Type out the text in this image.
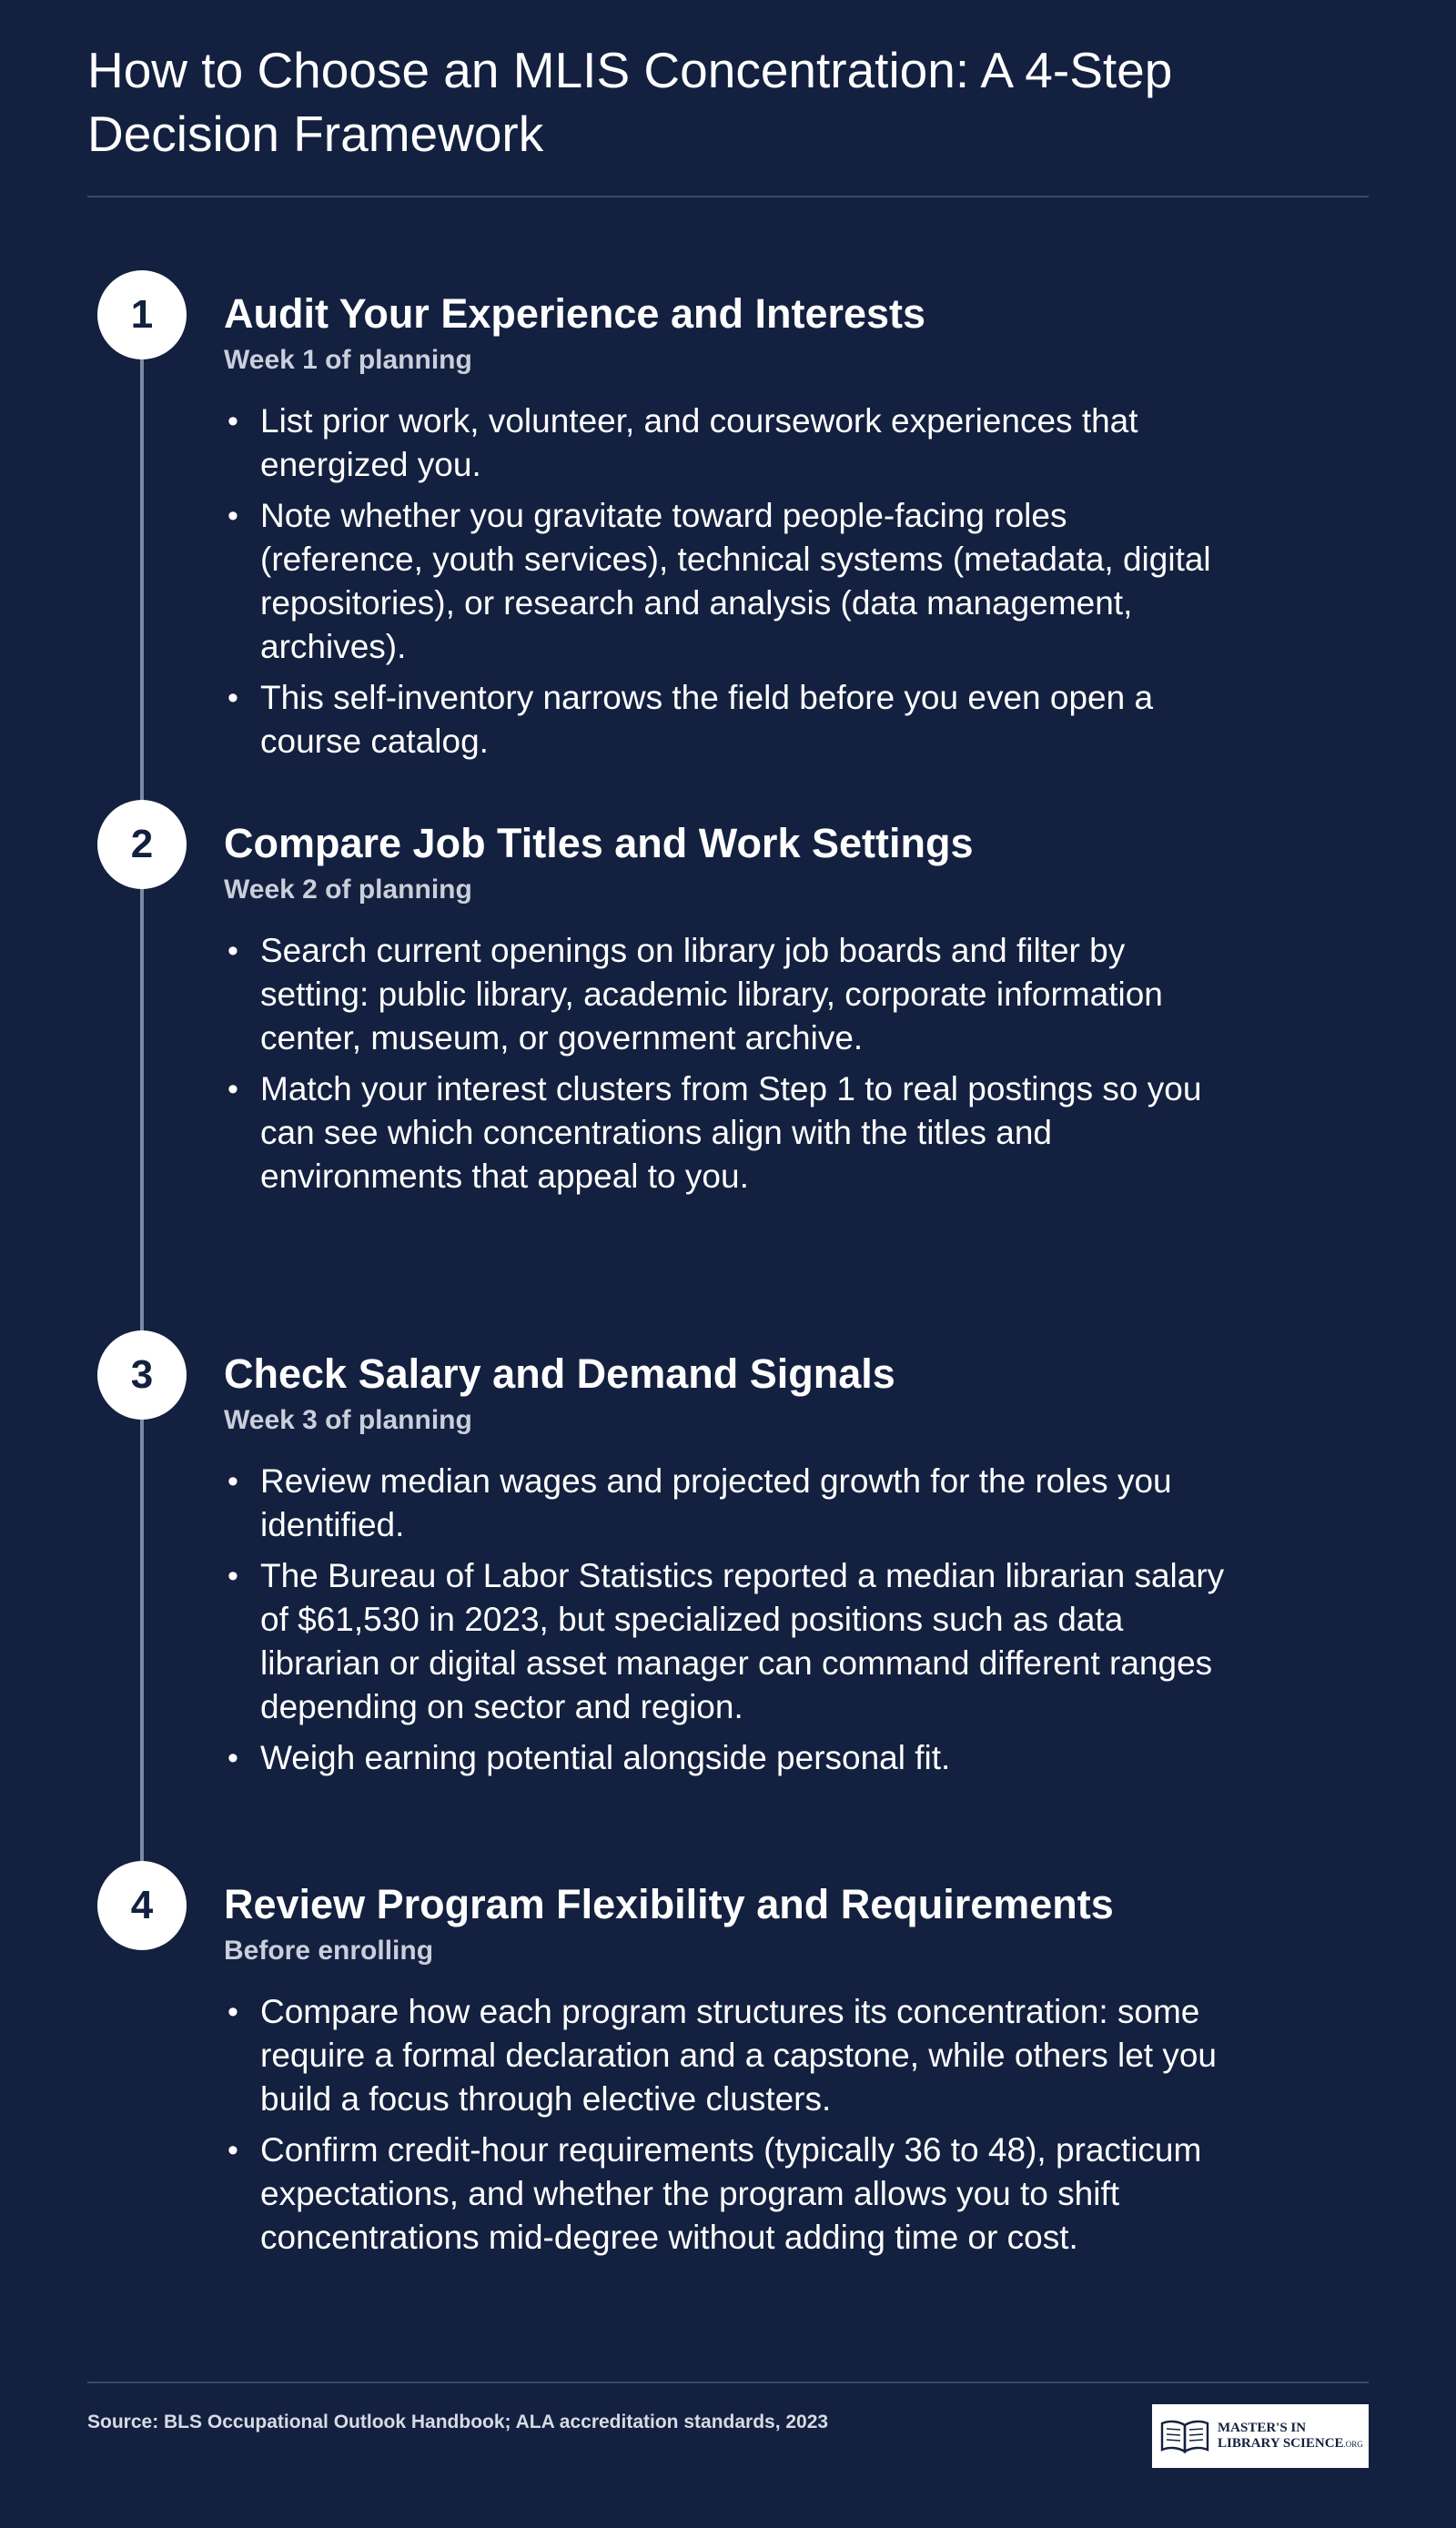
How to Choose an MLIS Concentration: A 4-Step Decision Framework
1	Audit Your Experience and Interests
Week 1 of planning
• List prior work, volunteer, and coursework experiences that energized you.
• Note whether you gravitate toward people-facing roles (reference, youth services), technical systems (metadata, digital repositories), or research and analysis (data management, archives).
• This self-inventory narrows the field before you even open a course catalog.
2	Compare Job Titles and Work Settings
Week 2 of planning
• Search current openings on library job boards and filter by setting: public library, academic library, corporate information center, museum, or government archive.
• Match your interest clusters from Step 1 to real postings so you can see which concentrations align with the titles and environments that appeal to you.
3	Check Salary and Demand Signals
Week 3 of planning
• Review median wages and projected growth for the roles you identified.
• The Bureau of Labor Statistics reported a median librarian salary of $61,530 in 2023, but specialized positions such as data librarian or digital asset manager can command different ranges depending on sector and region.
• Weigh earning potential alongside personal fit.
4	Review Program Flexibility and Requirements
Before enrolling
• Compare how each program structures its concentration: some require a formal declaration and a capstone, while others let you build a focus through elective clusters.
• Confirm credit-hour requirements (typically 36 to 48), practicum expectations, and whether the program allows you to shift concentrations mid-degree without adding time or cost.
Source: BLS Occupational Outlook Handbook; ALA accreditation standards, 2023	MASTER'S IN
LIBRARY SCIENCE.ORG
